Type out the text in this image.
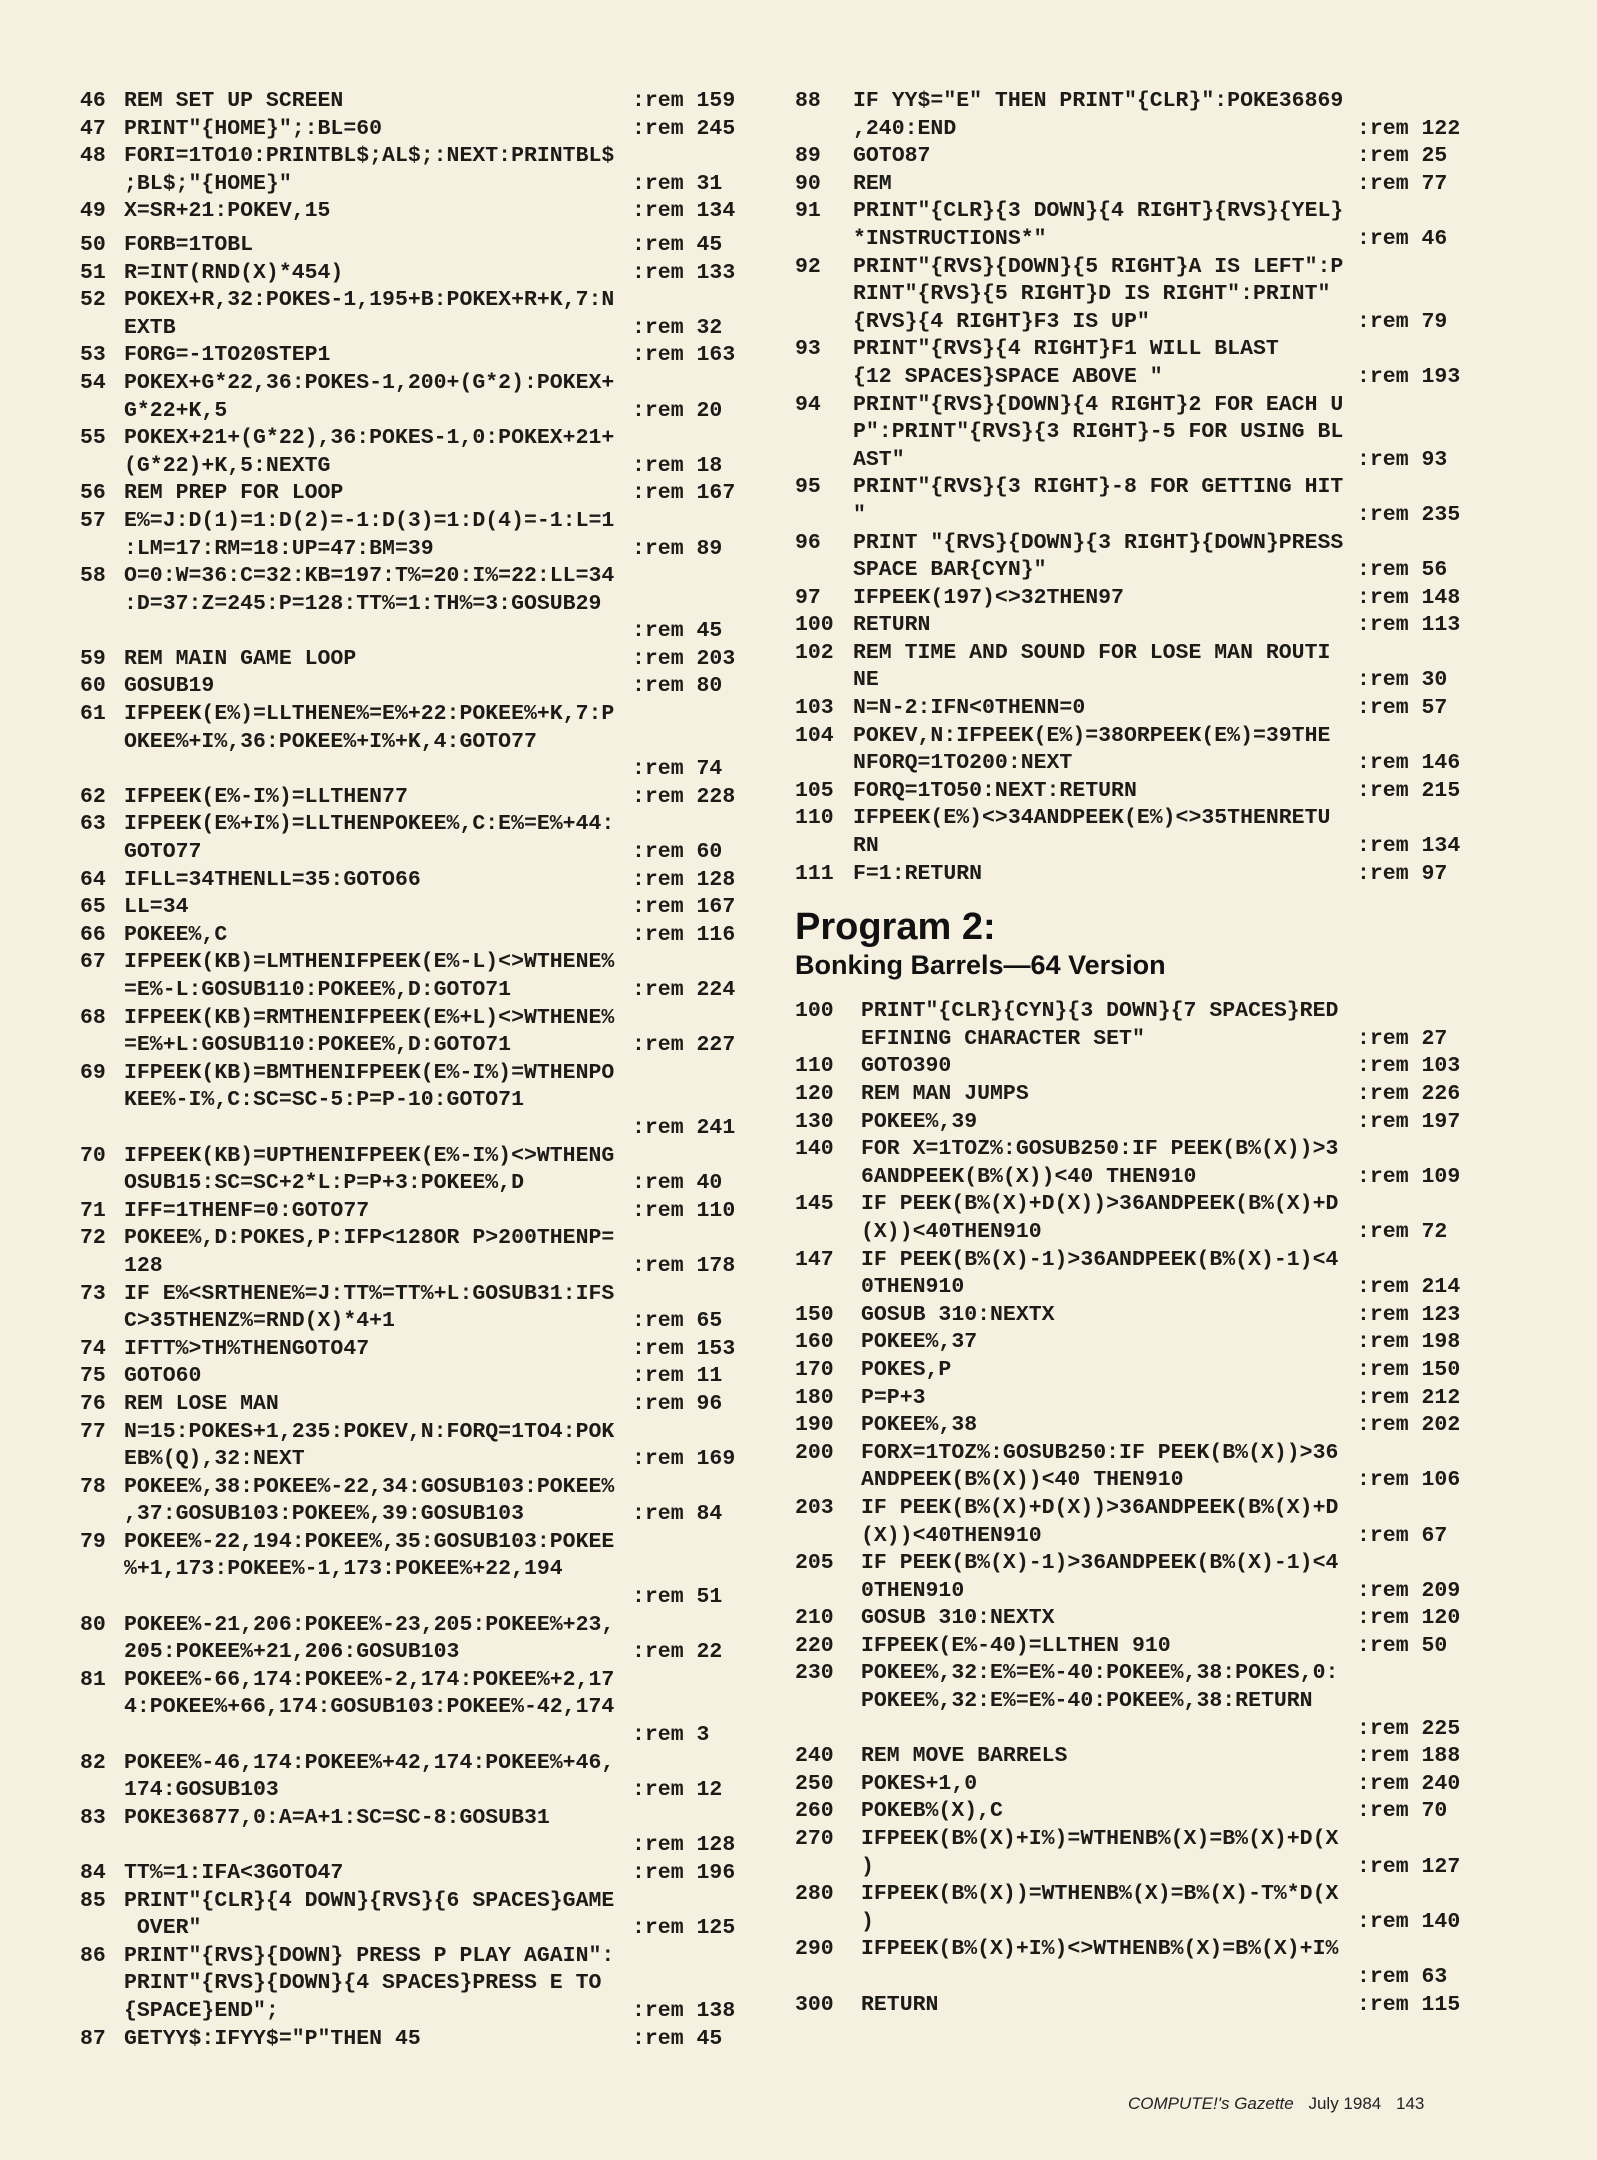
46 REM SET UP SCREEN	:rem 159
47 PRINT"{HOME}";:BL=60	:rem 245
48 FORI=1TO10:PRINTBL$;AL$;:NEXT:PRINTBL$
;BL$;"{HOME}"	:rem 31
49 X=SR+21:POKEV,15	:rem 134
50 FORB=1TOBL	:rem 45
51 R=INT(RND(X)*454)	:rem 133
52 POKEX+R,32:POKES-1,195+B:POKEX+R+K,7:N
EXTB	:rem 32
53 FORG=-1TO20STEP1	:rem 163
54 POKEX+G*22,36:POKES-1,200+(G*2):POKEX+
G*22+K,5	:rem 20
55 POKEX+21+(G*22),36:POKES-1,0:POKEX+21+
(G*22)+K,5:NEXTG	:rem 18
56 REM PREP FOR LOOP	:rem 167
57 E%=J:D(1)=1:D(2)=-1:D(3)=1:D(4)=-1:L=1
:LM=17:RM=18:UP=47:BM=39	:rem 89
58 O=0:W=36:C=32:KB=197:T%=20:I%=22:LL=34
:D=37:Z=245:P=128:TT%=1:TH%=3:GOSUB29
:rem 45
59 REM MAIN GAME LOOP	:rem 203
60 GOSUB19	:rem 80
61 IFPEEK(E%)=LLTHENE%=E%+22:POKEE%+K,7:P
OKEE%+I%,36:POKEE%+I%+K,4:GOTO77
:rem 74
62 IFPEEK(E%-I%)=LLTHEN77	:rem 228
63 IFPEEK(E%+I%)=LLTHENPOKEE%,C:E%=E%+44:
GOTO77	:rem 60
64 IFLL=34THENLL=35:GOTO66	:rem 128
65 LL=34	:rem 167
66 POKEE%,C	:rem 116
67 IFPEEK(KB)=LMTHENIFPEEK(E%-L)<>WTHENE%
=E%-L:GOSUB110:POKEE%,D:GOTO71	:rem 224
68 IFPEEK(KB)=RMTHENIFPEEK(E%+L)<>WTHENE%
=E%+L:GOSUB110:POKEE%,D:GOTO71	:rem 227
69 IFPEEK(KB)=BMTHENIFPEEK(E%-I%)=WTHENPO
KEE%-I%,C:SC=SC-5:P=P-10:GOTO71
:rem 241
70 IFPEEK(KB)=UPTHENIFPEEK(E%-I%)<>WTHENG
OSUB15:SC=SC+2*L:P=P+3:POKEE%,D	:rem 40
71 IFF=1THENF=0:GOTO77	:rem 110
72 POKEE%,D:POKES,P:IFP<128OR P>200THENP=
128	:rem 178
73 IF E%<SRTHENE%=J:TT%=TT%+L:GOSUB31:IFS
C>35THENZ%=RND(X)*4+1	:rem 65
74 IFTT%>TH%THENGOTO47	:rem 153
75 GOTO60	:rem 11
76 REM LOSE MAN	:rem 96
77 N=15:POKES+1,235:POKEV,N:FORQ=1TO4:POK
EB%(Q),32:NEXT	:rem 169
78 POKEE%,38:POKEE%-22,34:GOSUB103:POKEE%
,37:GOSUB103:POKEE%,39:GOSUB103	:rem 84
79 POKEE%-22,194:POKEE%,35:GOSUB103:POKEE
%+1,173:POKEE%-1,173:POKEE%+22,194
:rem 51
80 POKEE%-21,206:POKEE%-23,205:POKEE%+23,
205:POKEE%+21,206:GOSUB103	:rem 22
81 POKEE%-66,174:POKEE%-2,174:POKEE%+2,17
4:POKEE%+66,174:GOSUB103:POKEE%-42,174
:rem 3
82 POKEE%-46,174:POKEE%+42,174:POKEE%+46,
174:GOSUB103	:rem 12
83 POKE36877,0:A=A+1:SC=SC-8:GOSUB31
:rem 128
84 TT%=1:IFA<3GOTO47	:rem 196
85 PRINT"{CLR}{4 DOWN}{RVS}{6 SPACES}GAME
OVER"	:rem 125
86 PRINT"{RVS}{DOWN} PRESS P PLAY AGAIN":
PRINT"{RVS}{DOWN}{4 SPACES}PRESS E TO
{SPACE}END";	:rem 138
87 GETYY$:IFYY$="P"THEN 45	:rem 45
88	IF YY$="E" THEN PRINT"{CLR}":POKE36869
,240:END	:rem 122
89	GOTO87	:rem 25
90	REM	:rem 77
91	PRINT"{CLR}{3 DOWN}{4 RIGHT}{RVS}{YEL}
*INSTRUCTIONS*"	:rem 46
92	PRINT"{RVS}{DOWN}{5 RIGHT}A IS LEFT":P
RINT"{RVS}{5 RIGHT}D IS RIGHT":PRINT"
{RVS}{4 RIGHT}F3 IS UP"	:rem 79
93	PRINT"{RVS}{4 RIGHT}F1 WILL BLAST
{12 SPACES}SPACE ABOVE "	:rem 193
94	PRINT"{RVS}{DOWN}{4 RIGHT}2 FOR EACH U
P":PRINT"{RVS}{3 RIGHT}-5 FOR USING BL
AST"	:rem 93
95	PRINT"{RVS}{3 RIGHT}-8 FOR GETTING HIT
"	:rem 235
96	PRINT "{RVS}{DOWN}{3 RIGHT}{DOWN}PRESS
SPACE BAR{CYN}"	:rem 56
97	IFPEEK(197)<>32THEN97	:rem 148
100 RETURN	:rem 113
102 REM TIME AND SOUND FOR LOSE MAN ROUTI
NE	:rem 30
103 N=N-2:IFN<0THENN=0	:rem 57
104 POKEV,N:IFPEEK(E%)=38ORPEEK(E%)=39THE
NFORQ=1TO200:NEXT	:rem 146
105 FORQ=1TO50:NEXT:RETURN	:rem 215
110 IFPEEK(E%)<>34ANDPEEK(E%)<>35THENRETU
RN	:rem 134
111 F=1:RETURN	:rem 97
Program 2:
Bonking Barrels—64 Version
100	PRINT"{CLR}{CYN}{3 DOWN}{7 SPACES}RED
EFINING CHARACTER SET"	:rem 27
110	GOTO390	:rem 103
120	REM MAN JUMPS	:rem 226
130	POKEE%,39	:rem 197
140	FOR X=1TOZ%:GOSUB250:IF PEEK(B%(X))>3
6ANDPEEK(B%(X))<40 THEN910	:rem 109
145	IF PEEK(B%(X)+D(X))>36ANDPEEK(B%(X)+D
(X))<40THEN910	:rem 72
147	IF PEEK(B%(X)-1)>36ANDPEEK(B%(X)-1)<4
0THEN910	:rem 214
150	GOSUB 310:NEXTX	:rem 123
160	POKEE%,37	:rem 198
170	POKES,P	:rem 150
180	P=P+3	:rem 212
190	POKEE%,38	:rem 202
200	FORX=1TOZ%:GOSUB250:IF PEEK(B%(X))>36
ANDPEEK(B%(X))<40 THEN910	:rem 106
203	IF PEEK(B%(X)+D(X))>36ANDPEEK(B%(X)+D
(X))<40THEN910	:rem 67
205	IF PEEK(B%(X)-1)>36ANDPEEK(B%(X)-1)<4
0THEN910	:rem 209
210	GOSUB 310:NEXTX	:rem 120
220	IFPEEK(E%-40)=LLTHEN 910	:rem 50
230	POKEE%,32:E%=E%-40:POKEE%,38:POKES,0:
POKEE%,32:E%=E%-40:POKEE%,38:RETURN
:rem 225
240	REM MOVE BARRELS	:rem 188
250	POKES+1,0	:rem 240
260	POKEB%(X),C	:rem 70
270	IFPEEK(B%(X)+I%)=WTHENB%(X)=B%(X)+D(X
)	:rem 127
280	IFPEEK(B%(X))=WTHENB%(X)=B%(X)-T%*D(X
)	:rem 140
290	IFPEEK(B%(X)+I%)<>WTHENB%(X)=B%(X)+I%
:rem 63
300	RETURN	:rem 115
COMPUTE!'s Gazette July 1984 143
